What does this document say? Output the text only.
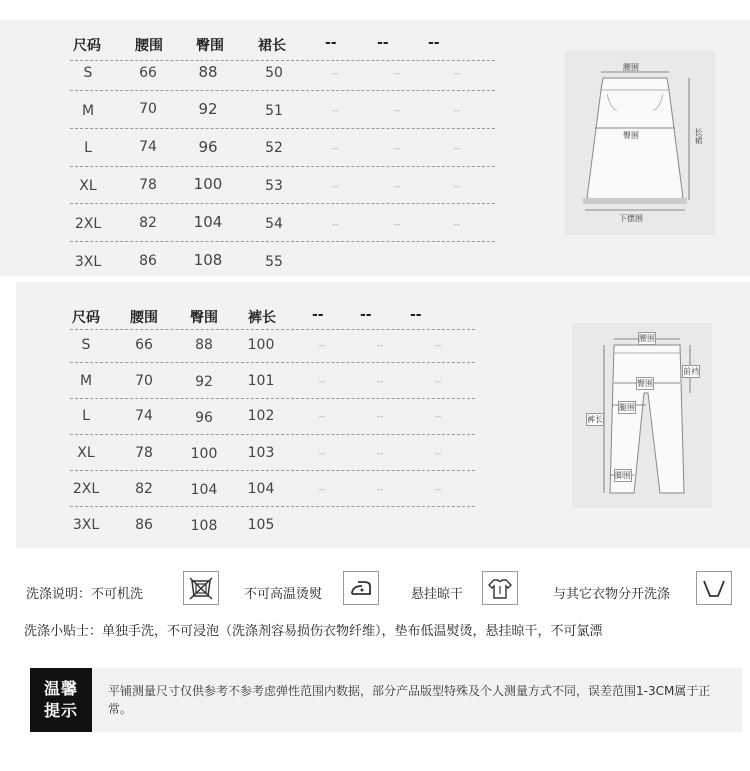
尺码 腰围 臀围 裙长	--	--	--
S	66	88	50	--	--	--
M	70	92	51	--	--	--
L	74	96	52	--	--	--
XL	78	100	53	--	--	--
2XL	82	104	54	--	--	--
3XL	86	108	55
腰围
臀围	长裙
下摆围
尺码 腰围 臀围 裤长	--	--	--
S	66	88	100	--	--	--
M	70	92	101	--	--	--
L	74	96	102	--	--	--
XL	78	100	103	--	--	--
2XL	82	104	104	--	--	--
3XL	86	108	105
腰围
前裆
臀围
裤长
腿围
脚围
洗涤说明：不可机洗	不可高温烫熨	悬挂晾干	与其它衣物分开洗涤
洗涤小贴士：单独手洗，不可浸泡（洗涤剂容易损伤衣物纤维），垫布低温熨烫，悬挂晾干，不可氯漂
温馨
提示
平铺测量尺寸仅供参考不参考虑弹性范围内数据，部分产品版型特殊及个人测量方式不同，误差范围1-3CM属于正常。
